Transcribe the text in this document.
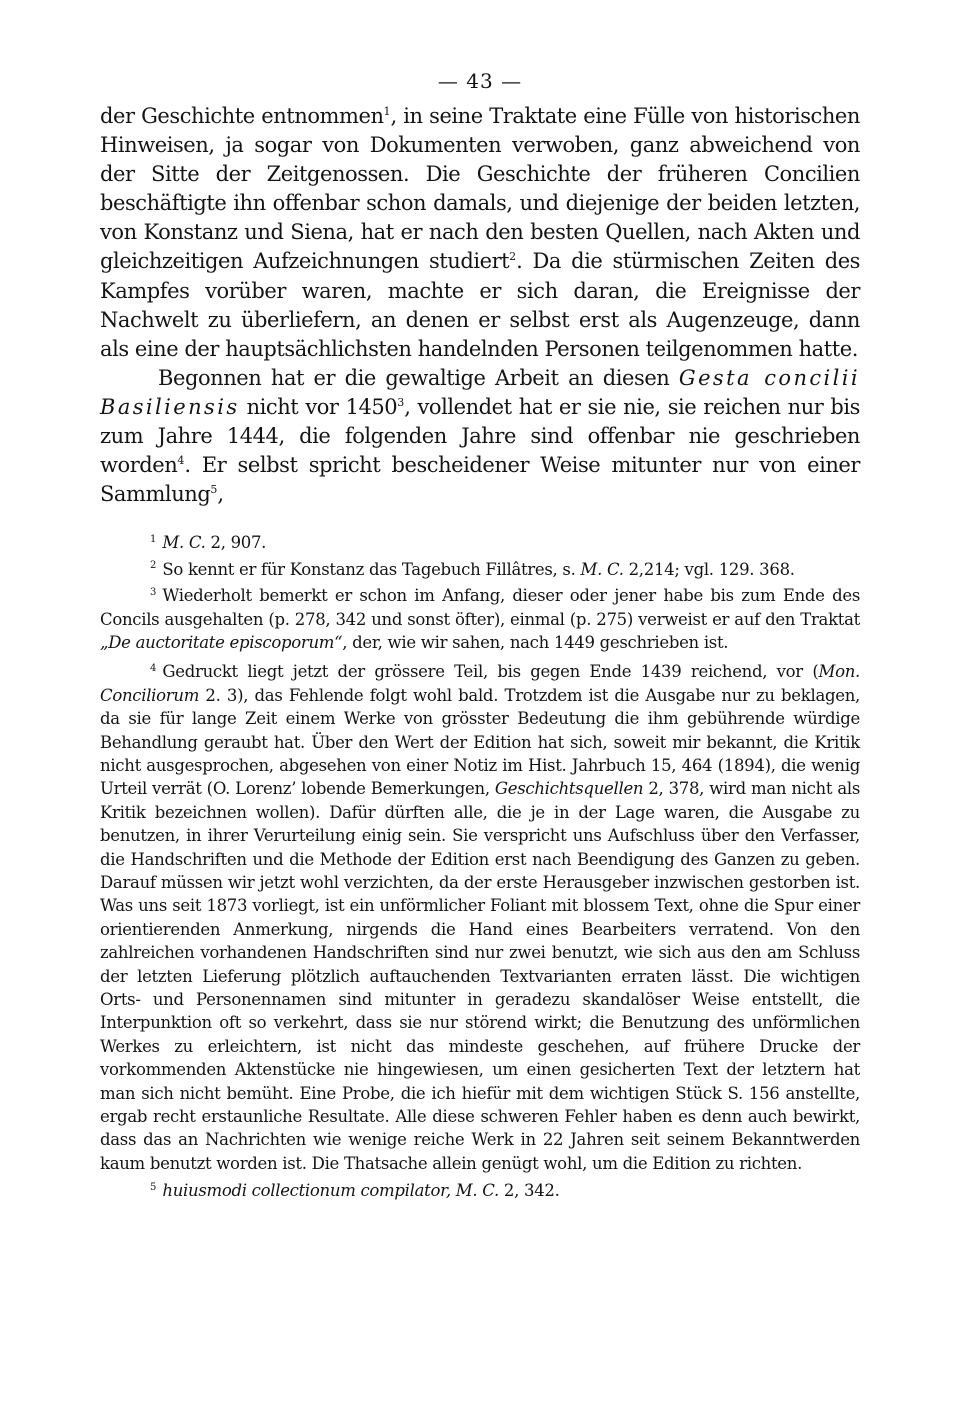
— 43 —

der Geschichte entnommen$^1$, in seine Traktate eine Fülle von historischen Hinweisen, ja sogar von Dokumenten verwoben, ganz abweichend von der Sitte der Zeitgenossen. Die Geschichte der früheren Concilien beschäftigte ihn offenbar schon damals, und diejenige der beiden letzten, von Konstanz und Siena, hat er nach den besten Quellen, nach Akten und gleichzeitigen Aufzeichnungen studiert$^2$. Da die stürmischen Zeiten des Kampfes vorüber waren, machte er sich daran, die Ereignisse der Nachwelt zu überliefern, an denen er selbst erst als Augenzeuge, dann als eine der hauptsächlichsten handelnden Personen teilgenommen hatte.

Begonnen hat er die gewaltige Arbeit an diesen Gesta concilii Basiliensis nicht vor 1450$^3$, vollendet hat er sie nie, sie reichen nur bis zum Jahre 1444, die folgenden Jahre sind offenbar nie geschrieben worden$^4$. Er selbst spricht bescheidener Weise mitunter nur von einer Sammlung$^5$,

$^1$ M. C. 2, 907.

$^2$ So kennt er für Konstanz das Tagebuch Fillâtres, s. M. C. 2,214; vgl. 129. 368.

$^3$ Wiederholt bemerkt er schon im Anfang, dieser oder jener habe bis zum Ende des Concils ausgehalten (p. 278, 342 und sonst öfter), einmal (p. 275) verweist er auf den Traktat „De auctoritate episcoporum“, der, wie wir sahen, nach 1449 geschrieben ist.

$^4$ Gedruckt liegt jetzt der grössere Teil, bis gegen Ende 1439 reichend, vor (Mon. Conciliorum 2. 3), das Fehlende folgt wohl bald. Trotzdem ist die Ausgabe nur zu beklagen, da sie für lange Zeit einem Werke von grösster Bedeutung die ihm gebührende würdige Behandlung geraubt hat. Über den Wert der Edition hat sich, soweit mir bekannt, die Kritik nicht ausgesprochen, abgesehen von einer Notiz im Hist. Jahrbuch 15, 464 (1894), die wenig Urteil verrät (O. Lorenz’ lobende Bemerkungen, Geschichtsquellen 2, 378, wird man nicht als Kritik bezeichnen wollen). Dafür dürften alle, die je in der Lage waren, die Ausgabe zu benutzen, in ihrer Verurteilung einig sein. Sie verspricht uns Aufschluss über den Verfasser, die Handschriften und die Methode der Edition erst nach Beendigung des Ganzen zu geben. Darauf müssen wir jetzt wohl verzichten, da der erste Herausgeber inzwischen gestorben ist. Was uns seit 1873 vorliegt, ist ein unförmlicher Foliant mit blossem Text, ohne die Spur einer orientierenden Anmerkung, nirgends die Hand eines Bearbeiters verratend. Von den zahlreichen vorhandenen Handschriften sind nur zwei benutzt, wie sich aus den am Schluss der letzten Lieferung plötzlich auftauchenden Textvarianten erraten lässt. Die wichtigen Orts- und Personennamen sind mitunter in geradezu skandalöser Weise entstellt, die Interpunktion oft so verkehrt, dass sie nur störend wirkt; die Benutzung des unförmlichen Werkes zu erleichtern, ist nicht das mindeste geschehen, auf frühere Drucke der vorkommenden Aktenstücke nie hingewiesen, um einen gesicherten Text der letztern hat man sich nicht bemüht. Eine Probe, die ich hiefür mit dem wichtigen Stück S. 156 anstellte, ergab recht erstaunliche Resultate. Alle diese schweren Fehler haben es denn auch bewirkt, dass das an Nachrichten wie wenige reiche Werk in 22 Jahren seit seinem Bekanntwerden kaum benutzt worden ist. Die Thatsache allein genügt wohl, um die Edition zu richten.

$^5$ huiusmodi collectionum compilator, M. C. 2, 342.
